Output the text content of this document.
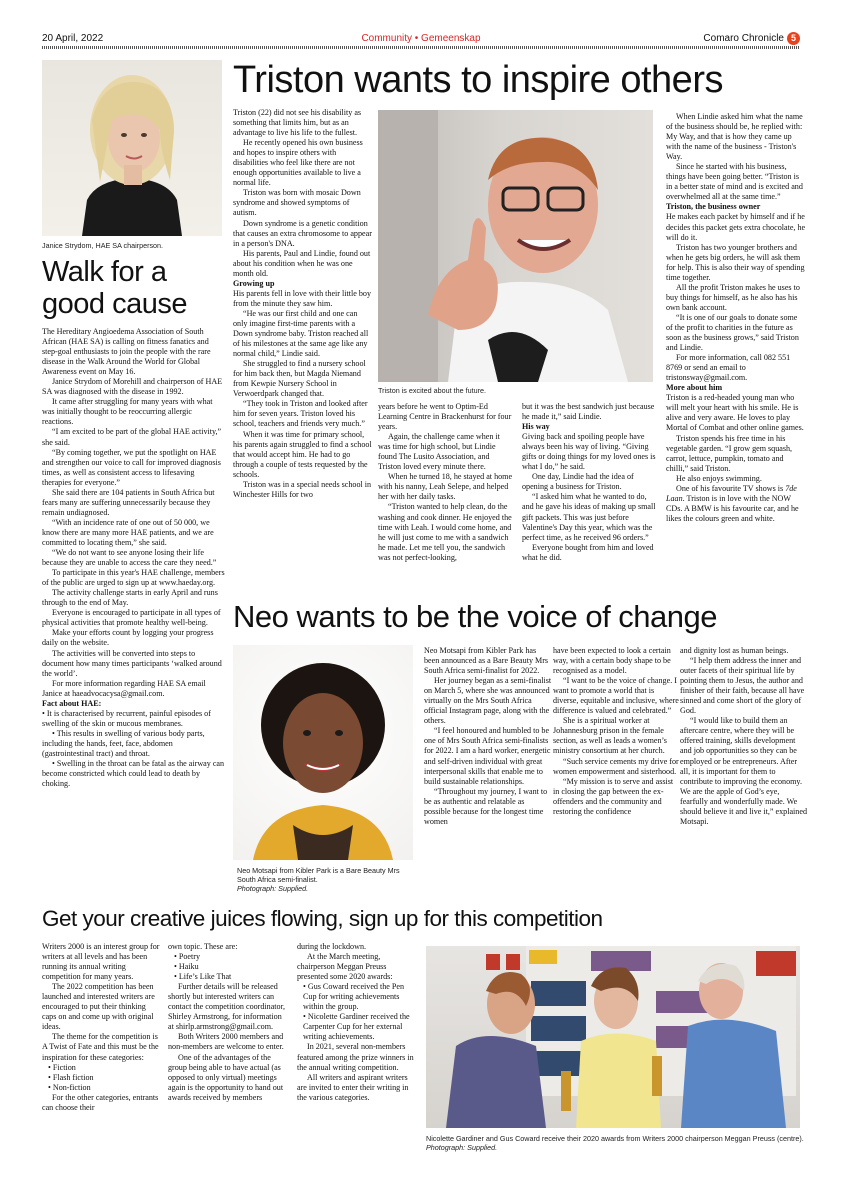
20 April, 2022	Community • Gemeenskap	Comaro Chronicle 5
Janice Strydom, HAE SA chairperson.
Walk for a good cause

The Hereditary Angioedema Association of South African (HAE SA) is calling on fitness fanatics and step-goal enthusiasts to join the people with the rare disease in the Walk Around the World for Global Awareness event on May 16.

Janice Strydom of Morehill and chairperson of HAE SA was diagnosed with the disease in 1992.

It came after struggling for many years with what was initially thought to be reoccurring allergic reactions.

“I am excited to be part of the global HAE activity,” she said.

“By coming together, we put the spotlight on HAE and strengthen our voice to call for improved diagnosis times, as well as consistent access to lifesaving therapies for everyone.”

She said there are 104 patients in South Africa but fears many are suffering unnecessarily because they remain undiagnosed.

“With an incidence rate of one out of 50 000, we know there are many more HAE patients, and we are committed to locating them,” she said.

“We do not want to see anyone losing their life because they are unable to access the care they need.”

To participate in this year's HAE challenge, members of the public are urged to sign up at www.haeday.org.

The activity challenge starts in early April and runs through to the end of May.

Everyone is encouraged to participate in all types of physical activities that promote healthy well-being.

Make your efforts count by logging your progress daily on the website.

The activities will be converted into steps to document how many times participants ‘walked around the world’.

For more information regarding HAE SA email Janice at haeadvocacysa@gmail.com.

Fact about HAE:

• It is characterised by recurrent, painful episodes of swelling of the skin or mucous membranes.

• This results in swelling of various body parts, including the hands, feet, face, abdomen (gastrointestinal tract) and throat.

• Swelling in the throat can be fatal as the airway can become constricted which could lead to death by choking.

Triston wants to inspire others

Triston (22) did not see his disability as something that limits him, but as an advantage to live his life to the fullest.

He recently opened his own business and hopes to inspire others with disabilities who feel like there are not enough opportunities available to live a normal life.

Triston was born with mosaic Down syndrome and showed symptoms of autism.

Down syndrome is a genetic condition that causes an extra chromosome to appear in a person's DNA.

His parents, Paul and Lindie, found out about his condition when he was one month old.

Growing up

His parents fell in love with their little boy from the minute they saw him.

“He was our first child and one can only imagine first-time parents with a Down syndrome baby. Triston reached all of his milestones at the same age like any normal child,” Lindie said.

She struggled to find a nursery school for him back then, but Magda Niemand from Kewpie Nursery School in Verwoerdpark changed that.

“They took in Triston and looked after him for seven years. Triston loved his school, teachers and friends very much.”

When it was time for primary school, his parents again struggled to find a school that would accept him. He had to go through a couple of tests requested by the schools.

Triston was in a special needs school in Winchester Hills for two

Triston is excited about the future.

years before he went to Optim-Ed Learning Centre in Brackenhurst for four years.

Again, the challenge came when it was time for high school, but Lindie found The Lusito Association, and Triston loved every minute there.

When he turned 18, he stayed at home with his nanny, Leah Selepe, and helped her with her daily tasks.

“Triston wanted to help clean, do the washing and cook dinner. He enjoyed the time with Leah. I would come home, and he will just come to me with a sandwich he made. Let me tell you, the sandwich was not perfect-looking,

but it was the best sandwich just because he made it,” said Lindie.

His way

Giving back and spoiling people have always been his way of living. “Giving gifts or doing things for my loved ones is what I do,” he said.

One day, Lindie had the idea of opening a business for Triston.

“I asked him what he wanted to do, and he gave his ideas of making up small gift packets. This was just before Valentine's Day this year, which was the perfect time, as he received 96 orders.”

Everyone bought from him and loved what he did.

When Lindie asked him what the name of the business should be, he replied with: My Way, and that is how they came up with the name of the business - Triston's Way.

Since he started with his business, things have been going better. “Triston is in a better state of mind and is excited and overwhelmed all at the same time.”

Triston, the business owner

He makes each packet by himself and if he decides this packet gets extra chocolate, he will do it.

Triston has two younger brothers and when he gets big orders, he will ask them for help. This is also their way of spending time together.

All the profit Triston makes he uses to buy things for himself, as he also has his own bank account.

“It is one of our goals to donate some of the profit to charities in the future as soon as the business grows,” said Triston and Lindie.

For more information, call 082 551 8769 or send an email to tristonsway@gmail.com.

More about him

Triston is a red-headed young man who will melt your heart with his smile. He is alive and very aware. He loves to play Mortal of Combat and other online games.

Triston spends his free time in his vegetable garden. “I grow gem squash, carrot, lettuce, pumpkin, tomato and chilli,” said Triston.

He also enjoys swimming.

One of his favourite TV shows is 7de Laan. Triston is in love with the NOW CDs. A BMW is his favourite car, and he likes the colours green and white.

Neo wants to be the voice of change
Neo Motsapi from Kibler Park is a Bare Beauty Mrs South Africa semi-finalist.
Photograph: Supplied.

Neo Motsapi from Kibler Park has been announced as a Bare Beauty Mrs South Africa semi-finalist for 2022.

Her journey began as a semi-finalist on March 5, where she was announced virtually on the Mrs South Africa official Instagram page, along with the others.

“I feel honoured and humbled to be one of Mrs South Africa semi-finalists for 2022. I am a hard worker, energetic and self-driven individual with great interpersonal skills that enable me to build sustainable relationships.

“Throughout my journey, I want to be as authentic and relatable as possible because for the longest time women

have been expected to look a certain way, with a certain body shape to be recognised as a model.

“I want to be the voice of change. I want to promote a world that is diverse, equitable and inclusive, where difference is valued and celebrated.”

She is a spiritual worker at Johannesburg prison in the female section, as well as leads a women’s ministry consortium at her church.

“Such service cements my drive for women empowerment and sisterhood.

“My mission is to serve and assist in closing the gap between the ex-offenders and the community and restoring the confidence

and dignity lost as human beings.

“I help them address the inner and outer facets of their spiritual life by pointing them to Jesus, the author and finisher of their faith, because all have sinned and come short of the glory of God.

“I would like to build them an aftercare centre, where they will be offered training, skills development and job opportunities so they can be employed or be entrepreneurs. After all, it is important for them to contribute to improving the economy. We are the apple of God’s eye, fearfully and wonderfully made. We should believe it and live it,” explained Motsapi.

Get your creative juices flowing, sign up for this competition

Writers 2000 is an interest group for writers at all levels and has been running its annual writing competition for many years.

The 2022 competition has been launched and interested writers are encouraged to put their thinking caps on and come up with original ideas.

The theme for the competition is A Twist of Fate and this must be the inspiration for these categories:

• Fiction

• Flash fiction

• Non-fiction

For the other categories, entrants can choose their

own topic. These are:

• Poetry

• Haiku

• Life’s Like That

Further details will be released shortly but interested writers can contact the competition coordinator, Shirley Armstrong, for information at shirlp.armstrong@gmail.com.

Both Writers 2000 members and non-members are welcome to enter.

One of the advantages of the group being able to have actual (as opposed to only virtual) meetings again is the opportunity to hand out awards received by members

during the lockdown.

At the March meeting, chairperson Meggan Preuss presented some 2020 awards:

• Gus Coward received the Pen Cup for writing achievements within the group.

• Nicolette Gardiner received the Carpenter Cup for her external writing achievements.

In 2021, several non-members featured among the prize winners in the annual writing competition.

All writers and aspirant writers are invited to enter their writing in the various categories.

Nicolette Gardiner and Gus Coward receive their 2020 awards from Writers 2000 chairperson Meggan Preuss (centre). Photograph: Supplied.
